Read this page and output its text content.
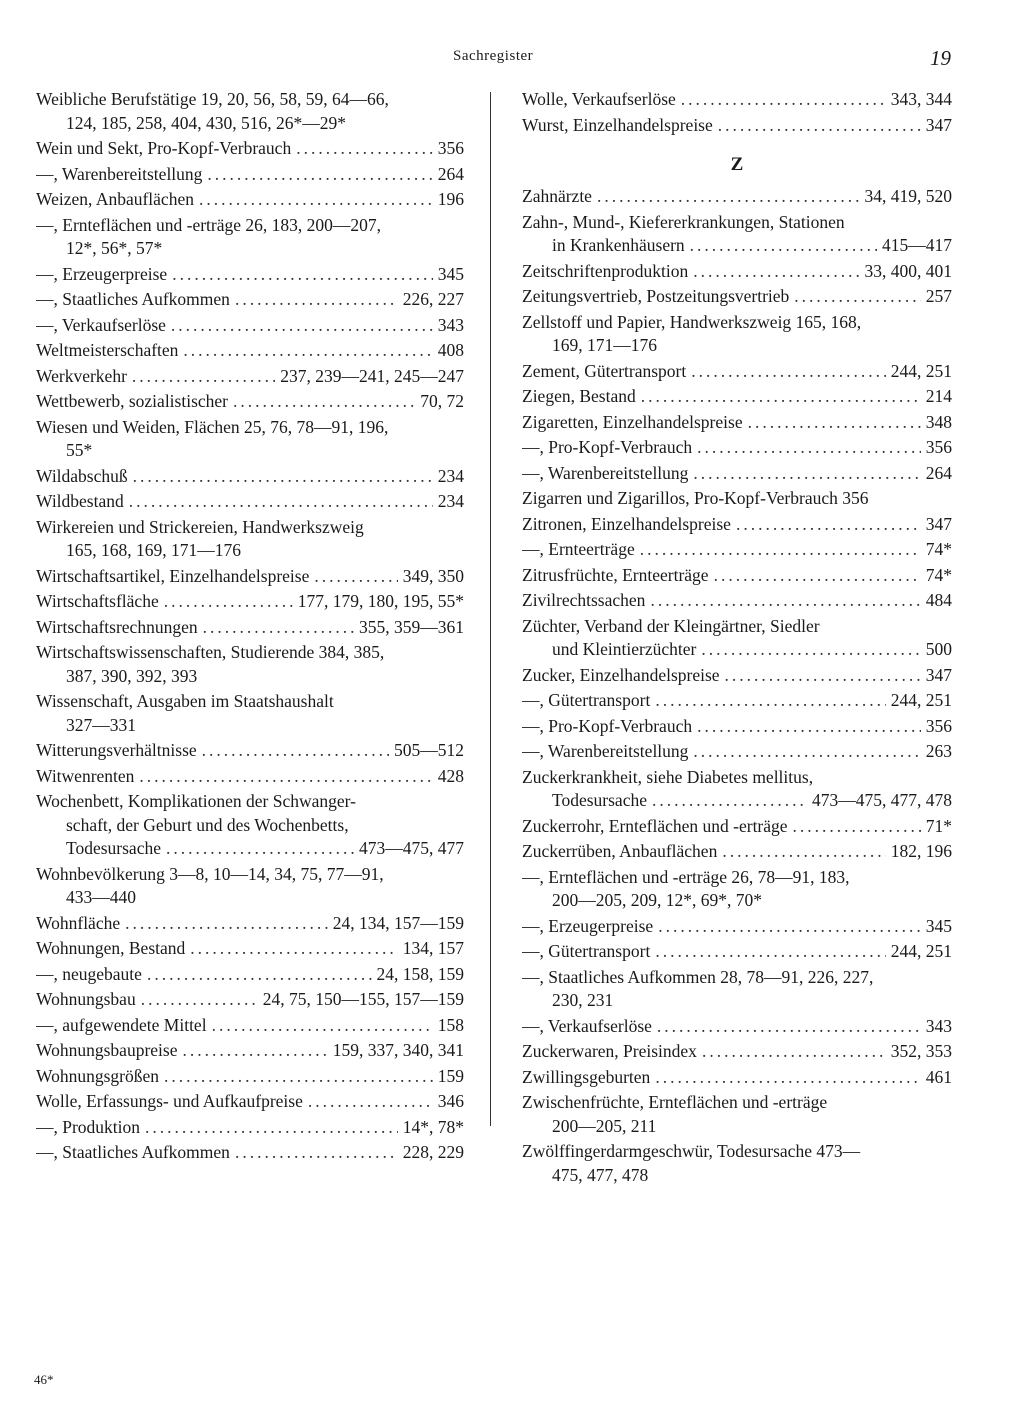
Sachregister	19
Weibliche Berufstätige 19, 20, 56, 58, 59, 64—66,
124, 185, 258, 404, 430, 516, 26*—29*
Wein und Sekt, Pro-Kopf-Verbrauch .....	356
—, Warenbereitstellung .....	264
Weizen, Anbauflächen .....	196
—, Ernteflächen und -erträge 26, 183, 200—207,
12*, 56*, 57*
—, Erzeugerpreise .....	345
—, Staatliches Aufkommen .....	226, 227
—, Verkaufserlöse .....	343
Weltmeisterschaften .....	408
Werkverkehr .....	237, 239—241, 245—247
Wettbewerb, sozialistischer .....	70, 72
Wiesen und Weiden, Flächen 25, 76, 78—91, 196,
55*
Wildabschuß .....	234
Wildbestand .....	234
Wirkereien und Strickereien, Handwerkszweig
165, 168, 169, 171—176
Wirtschaftsartikel, Einzelhandelspreise .....	349, 350
Wirtschaftsfläche .....	177, 179, 180, 195, 55*
Wirtschaftsrechnungen .....	355, 359—361
Wirtschaftswissenschaften, Studierende 384, 385,
387, 390, 392, 393
Wissenschaft, Ausgaben im Staatshaushalt
327—331
Witterungsverhältnisse .....	505—512
Witwenrenten .....	428
Wochenbett, Komplikationen der Schwanger-
schaft, der Geburt und des Wochenbetts,
Todesursache .....	473—475, 477
Wohnbevölkerung 3—8, 10—14, 34, 75, 77—91,
433—440
Wohnfläche .....	24, 134, 157—159
Wohnungen, Bestand .....	134, 157
—, neugebaute .....	24, 158, 159
Wohnungsbau .....	24, 75, 150—155, 157—159
—, aufgewendete Mittel .....	158
Wohnungsbaupreise .....	159, 337, 340, 341
Wohnungsgrößen .....	159
Wolle, Erfassungs- und Aufkaufpreise .....	346
—, Produktion .....	14*, 78*
—, Staatliches Aufkommen .....	228, 229
Wolle, Verkaufserlöse .....	343, 344
Wurst, Einzelhandelspreise .....	347
Z
Zahnärzte .....	34, 419, 520
Zahn-, Mund-, Kiefererkrankungen, Stationen
in Krankenhäusern .....	415—417
Zeitschriftenproduktion .....	33, 400, 401
Zeitungsvertrieb, Postzeitungsvertrieb .....	257
Zellstoff und Papier, Handwerkszweig 165, 168,
169, 171—176
Zement, Gütertransport .....	244, 251
Ziegen, Bestand .....	214
Zigaretten, Einzelhandelspreise .....	348
—, Pro-Kopf-Verbrauch .....	356
—, Warenbereitstellung .....	264
Zigarren und Zigarillos, Pro-Kopf-Verbrauch 356
Zitronen, Einzelhandelspreise .....	347
—, Ernteerträge .....	74*
Zitrusfrüchte, Ernteerträge .....	74*
Zivilrechtssachen .....	484
Züchter, Verband der Kleingärtner, Siedler
und Kleintierzüchter .....	500
Zucker, Einzelhandelspreise .....	347
—, Gütertransport .....	244, 251
—, Pro-Kopf-Verbrauch .....	356
—, Warenbereitstellung .....	263
Zuckerkrankheit, siehe Diabetes mellitus,
Todesursache .....	473—475, 477, 478
Zuckerrohr, Ernteflächen und -erträge .....	71*
Zuckerrüben, Anbauflächen .....	182, 196
—, Ernteflächen und -erträge 26, 78—91, 183,
200—205, 209, 12*, 69*, 70*
—, Erzeugerpreise .....	345
—, Gütertransport .....	244, 251
—, Staatliches Aufkommen 28, 78—91, 226, 227,
230, 231
—, Verkaufserlöse .....	343
Zuckerwaren, Preisindex .....	352, 353
Zwillingsgeburten .....	461
Zwischenfrüchte, Ernteflächen und -erträge
200—205, 211
Zwölffingerdarmgeschwür, Todesursache 473—
475, 477, 478
46*
